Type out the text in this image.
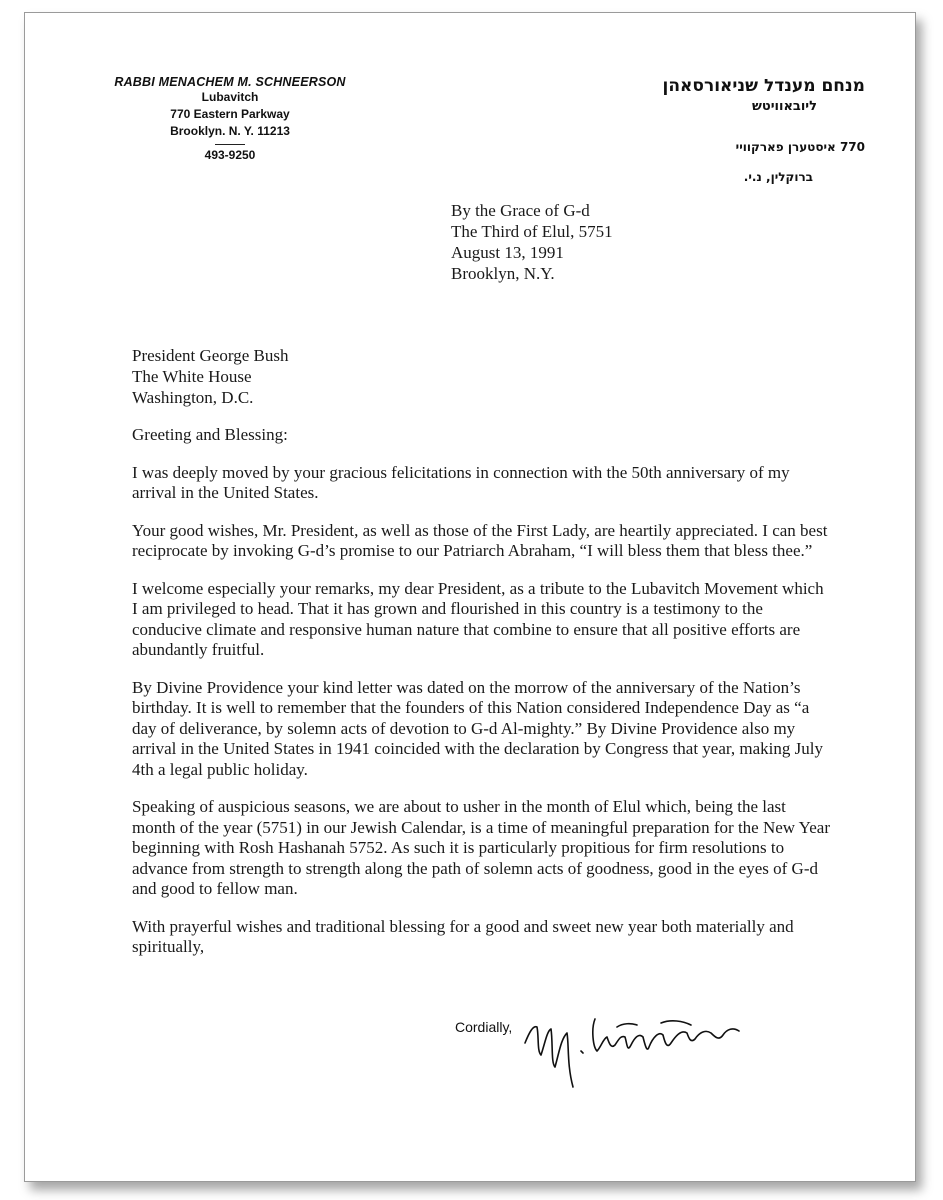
RABBI MENACHEM M. SCHNEERSON
Lubavitch
770 Eastern Parkway
Brooklyn. N. Y. 11213
493-9250
מנחם מענדל שניאורסאהן
ליובאוויטש
770 איסטערן פארקוויי
ברוקלין, נ.י.
By the Grace of G-d
The Third of Elul, 5751
August 13, 1991
Brooklyn, N.Y.
President George Bush
The White House
Washington, D.C.

Greeting and Blessing:

I was deeply moved by your gracious felicitations in connection with the 50th anniversary of my arrival in the United States.

Your good wishes, Mr. President, as well as those of the First Lady, are heartily appreciated. I can best reciprocate by invoking G-d’s promise to our Patriarch Abraham, “I will bless them that bless thee.”

I welcome especially your remarks, my dear President, as a tribute to the Lubavitch Movement which I am privileged to head. That it has grown and flourished in this country is a testimony to the conducive climate and responsive human nature that combine to ensure that all positive efforts are abundantly fruitful.

By Divine Providence your kind letter was dated on the morrow of the anniversary of the Nation’s birthday. It is well to remember that the founders of this Nation considered Independence Day as “a day of deliverance, by solemn acts of devotion to G-d Al-mighty.” By Divine Providence also my arrival in the United States in 1941 coincided with the declaration by Congress that year, making July 4th a legal public holiday.

Speaking of auspicious seasons, we are about to usher in the month of Elul which, being the last month of the year (5751) in our Jewish Calendar, is a time of meaningful preparation for the New Year beginning with Rosh Hashanah 5752. As such it is particularly propitious for firm resolutions to advance from strength to strength along the path of solemn acts of goodness, good in the eyes of G-d and good to fellow man.

With prayerful wishes and traditional blessing for a good and sweet new year both materially and spiritually,

Cordially,
